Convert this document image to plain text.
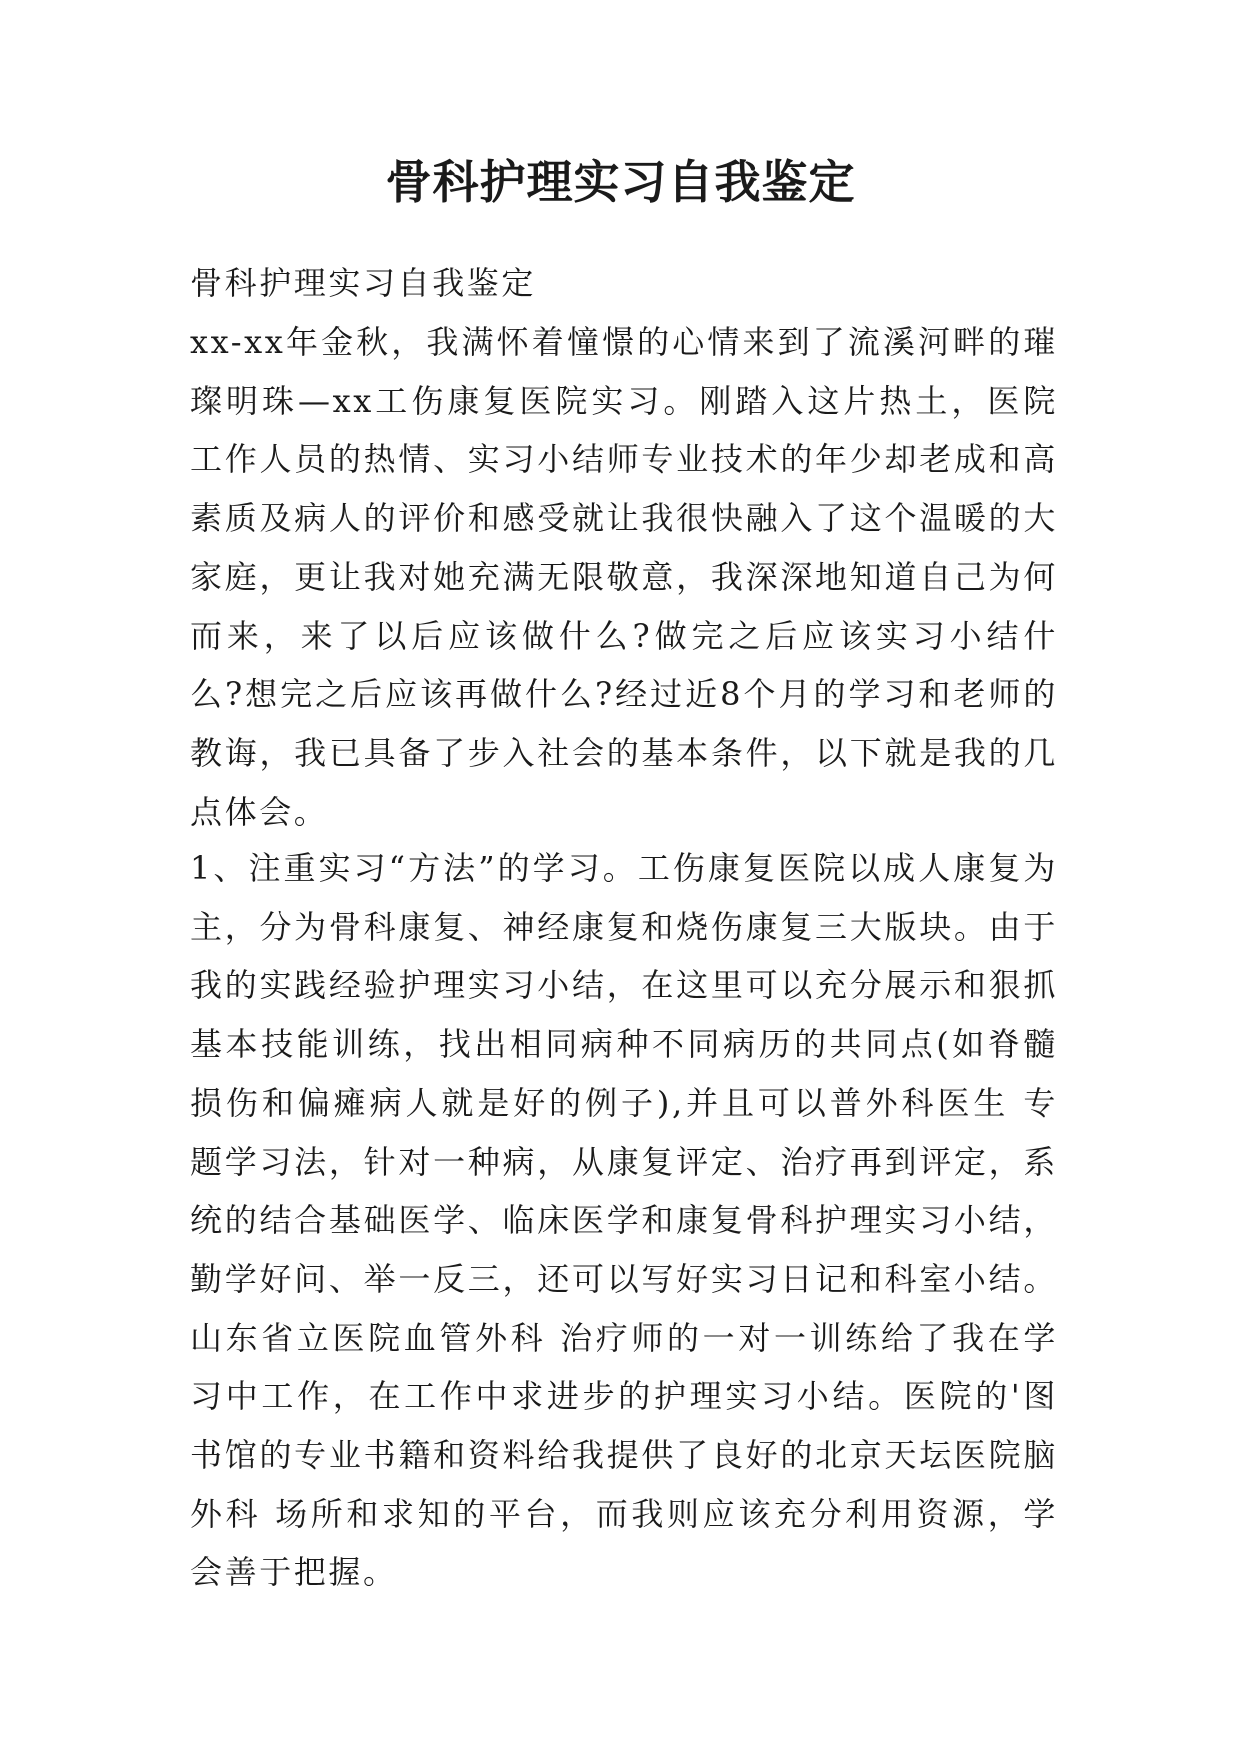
骨科护理实习自我鉴定

骨科护理实习自我鉴定

xx-xx年金秋，我满怀着憧憬的心情来到了流溪河畔的璀璨明珠—xx工伤康复医院实习。刚踏入这片热土，医院工作人员的热情、实习小结师专业技术的年少却老成和高素质及病人的评价和感受就让我很快融入了这个温暖的大家庭，更让我对她充满无限敬意，我深深地知道自己为何而来，来了以后应该做什么?做完之后应该实习小结什么?想完之后应该再做什么?经过近8个月的学习和老师的教诲，我已具备了步入社会的基本条件，以下就是我的几点体会。

1、注重实习“方法”的学习。工伤康复医院以成人康复为主，分为骨科康复、神经康复和烧伤康复三大版块。由于我的实践经验护理实习小结，在这里可以充分展示和狠抓基本技能训练，找出相同病种不同病历的共同点(如脊髓损伤和偏瘫病人就是好的例子),并且可以普外科医生 专题学习法，针对一种病，从康复评定、治疗再到评定，系统的结合基础医学、临床医学和康复骨科护理实习小结，勤学好问、举一反三，还可以写好实习日记和科室小结。山东省立医院血管外科 治疗师的一对一训练给了我在学习中工作，在工作中求进步的护理实习小结。医院的'图书馆的专业书籍和资料给我提供了良好的北京天坛医院脑外科 场所和求知的平台，而我则应该充分利用资源，学会善于把握。
